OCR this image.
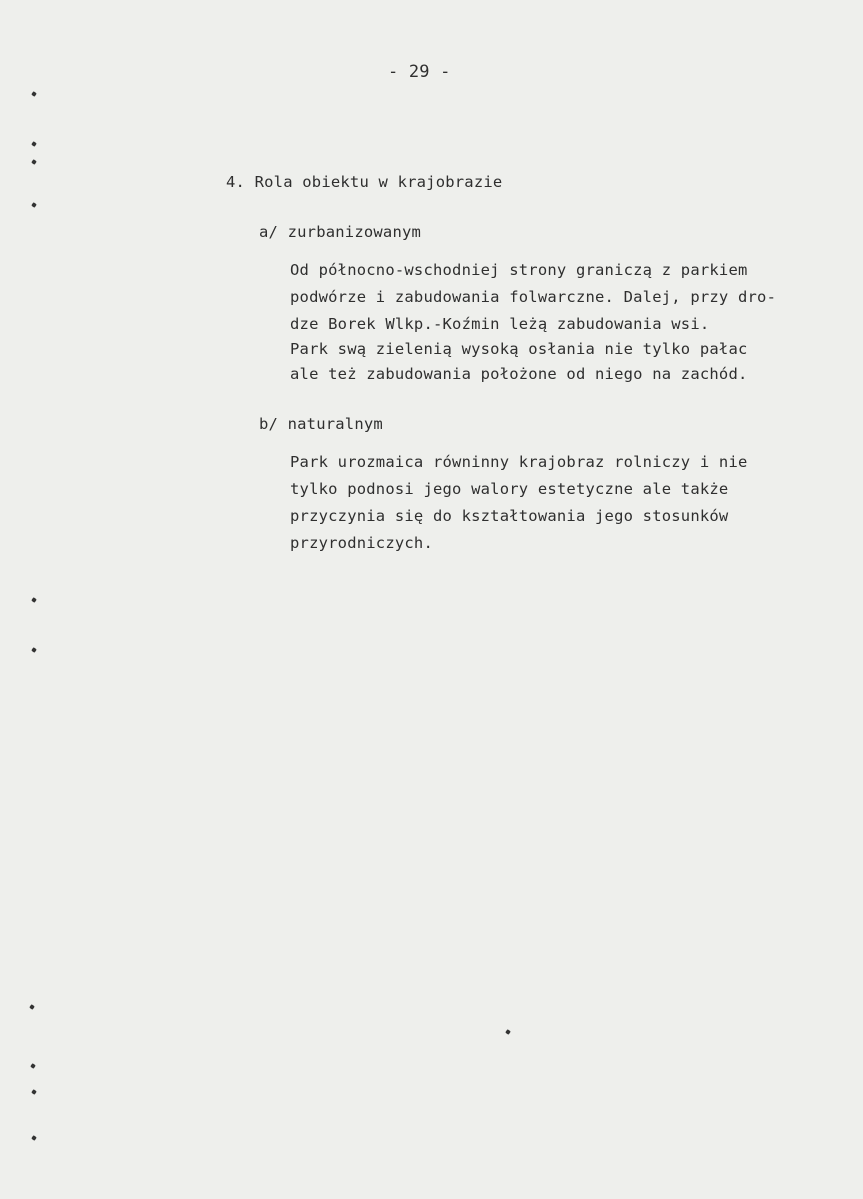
- 29 -
4. Rola obiektu w krajobrazie
a/ zurbanizowanym
Od północno-wschodniej strony graniczą z parkiem
podwórze i zabudowania folwarczne. Dalej, przy dro-
dze Borek Wlkp.-Koźmin leżą zabudowania wsi.
Park swą zielenią wysoką osłania nie tylko pałac
ale też zabudowania położone od niego na zachód.
b/ naturalnym
Park urozmaica równinny krajobraz rolniczy i nie
tylko podnosi jego walory estetyczne ale także
przyczynia się do kształtowania jego stosunków
przyrodniczych.
